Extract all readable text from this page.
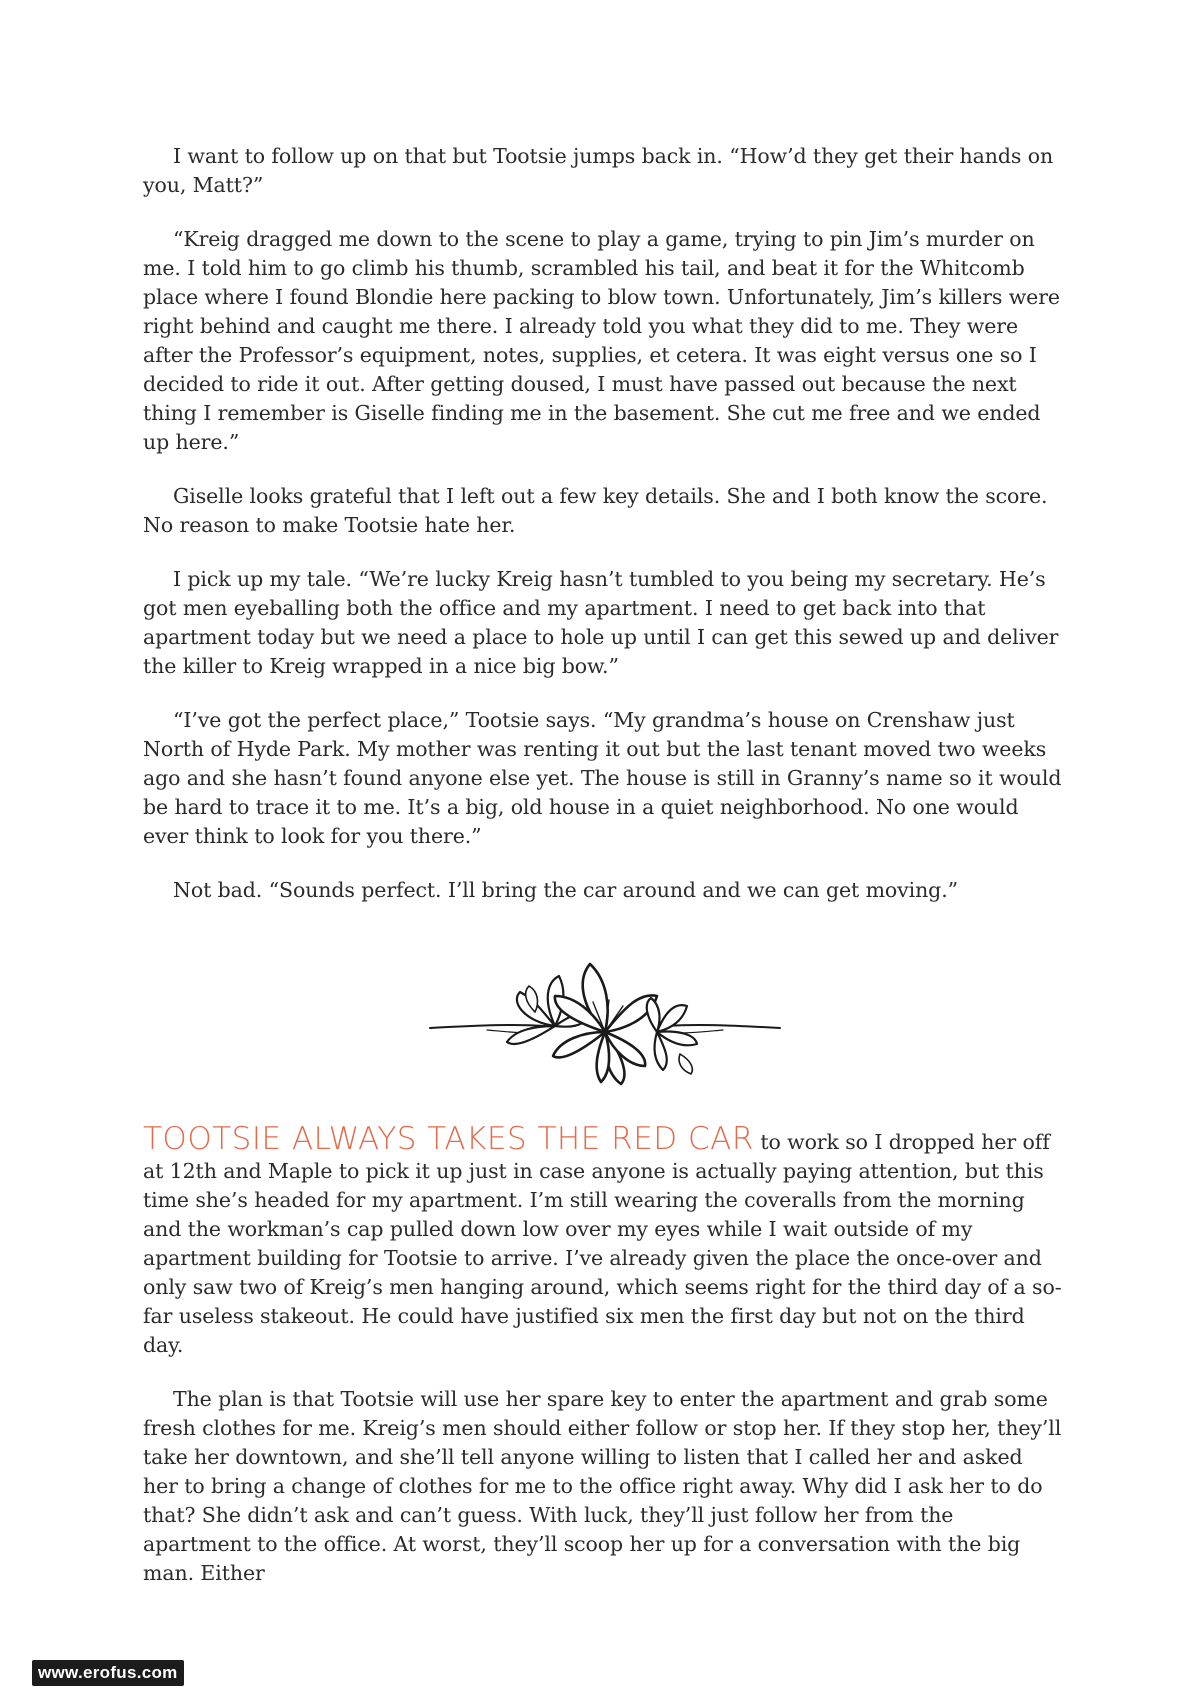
I want to follow up on that but Tootsie jumps back in. “How’d they get their hands on you, Matt?”

“Kreig dragged me down to the scene to play a game, trying to pin Jim’s murder on me. I told him to go climb his thumb, scrambled his tail, and beat it for the Whitcomb place where I found Blondie here packing to blow town. Unfortunately, Jim’s killers were right behind and caught me there. I already told you what they did to me. They were after the Professor’s equipment, notes, supplies, et cetera. It was eight versus one so I decided to ride it out. After getting doused, I must have passed out because the next thing I remember is Giselle finding me in the basement. She cut me free and we ended up here.”

Giselle looks grateful that I left out a few key details. She and I both know the score. No reason to make Tootsie hate her.

I pick up my tale. “We’re lucky Kreig hasn’t tumbled to you being my secretary. He’s got men eyeballing both the office and my apartment. I need to get back into that apartment today but we need a place to hole up until I can get this sewed up and deliver the killer to Kreig wrapped in a nice big bow.”

“I’ve got the perfect place,” Tootsie says. “My grandma’s house on Crenshaw just North of Hyde Park. My mother was renting it out but the last tenant moved two weeks ago and she hasn’t found anyone else yet. The house is still in Granny’s name so it would be hard to trace it to me. It’s a big, old house in a quiet neighborhood. No one would ever think to look for you there.”

Not bad. “Sounds perfect. I’ll bring the car around and we can get moving.”

TOOTSIE ALWAYS TAKES THE RED CAR to work so I dropped her off at 12th and Maple to pick it up just in case anyone is actually paying attention, but this time she’s headed for my apartment. I’m still wearing the coveralls from the morning and the workman’s cap pulled down low over my eyes while I wait outside of my apartment building for Tootsie to arrive. I’ve already given the place the once-over and only saw two of Kreig’s men hanging around, which seems right for the third day of a so-far useless stakeout. He could have justified six men the first day but not on the third day.

The plan is that Tootsie will use her spare key to enter the apartment and grab some fresh clothes for me. Kreig’s men should either follow or stop her. If they stop her, they’ll take her downtown, and she’ll tell anyone willing to listen that I called her and asked her to bring a change of clothes for me to the office right away. Why did I ask her to do that? She didn’t ask and can’t guess. With luck, they’ll just follow her from the apartment to the office. At worst, they’ll scoop her up for a conversation with the big man. Either

www.erofus.com
